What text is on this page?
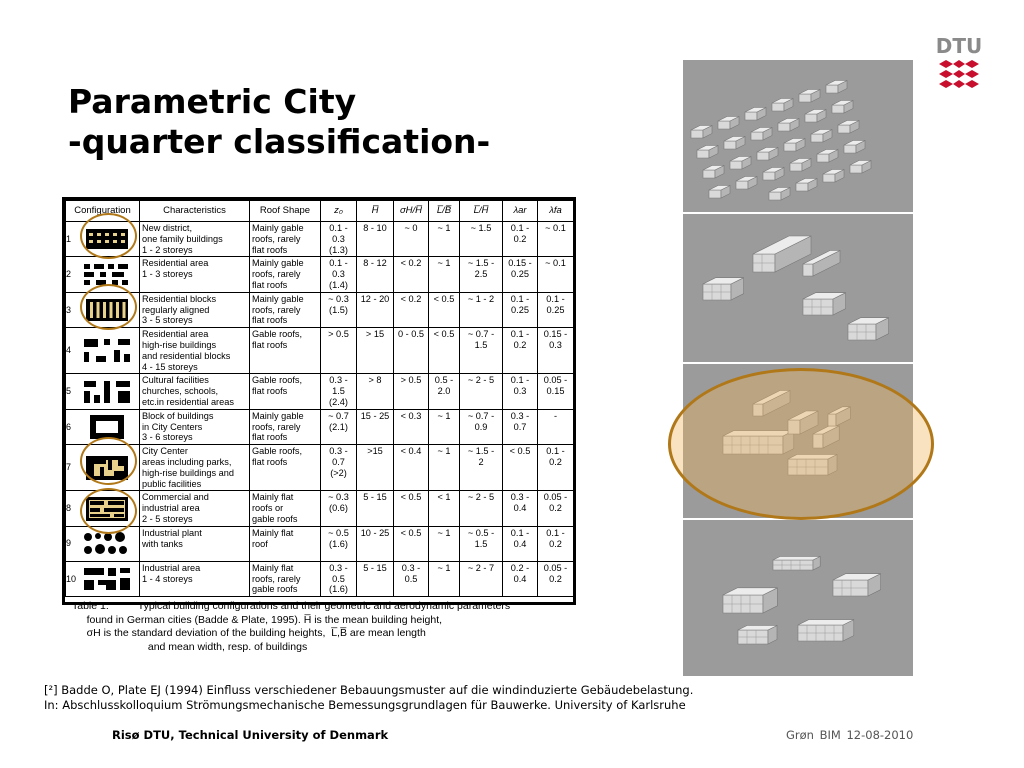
Parametric City
-quarter classification-
DTU
Configuration	Characteristics	Roof Shape	z₀	H̅	σH/H̅	L̅/B̅	L̅/H̅	λar	λfa

1	New district,
one family buildings
1 - 2 storeys	Mainly gable
roofs, rarely
flat roofs	0.1 -
0.3
(1.3)	8 - 10	~ 0	~ 1	~ 1.5	0.1 -
0.2	~ 0.1

2	Residential area
1 - 3 storeys	Mainly gable
roofs, rarely
flat roofs	0.1 -
0.3
(1.4)	8 - 12	< 0.2	~ 1	~ 1.5 -
2.5	0.15 -
0.25	~ 0.1

3	Residential blocks
regularly aligned
3 - 5 storeys	Mainly gable
roofs, rarely
flat roofs	~ 0.3
(1.5)	12 - 20	< 0.2	< 0.5	~ 1 - 2	0.1 -
0.25	0.1 -
0.25

4	Residential area
high-rise buildings
and residential blocks
4 - 15 storeys	Gable roofs,
flat roofs	> 0.5	> 15	0 - 0.5	< 0.5	~ 0.7 -
1.5	0.1 -
0.2	0.15 -
0.3

5	Cultural facilities
churches, schools,
etc.in residential areas	Gable roofs,
flat roofs	0.3 -
1.5
(2.4)	> 8	> 0.5	0.5 -
2.0	~ 2 - 5	0.1 -
0.3	0.05 -
0.15

6	Block of buildings
in City Centers
3 - 6 storeys	Mainly gable
roofs, rarely
flat roofs	~ 0.7
(2.1)	15 - 25	< 0.3	~ 1	~ 0.7 -
0.9	0.3 -
0.7	-

7	City Center
areas including parks,
high-rise buildings and
public facilities	Gable roofs,
flat roofs	0.3 -
0.7
(>2)	>15	< 0.4	~ 1	~ 1.5 -
2	< 0.5	0.1 -
0.2

8	Commercial and
industrial area
2 - 5 storeys	Mainly flat
roofs or
gable roofs	~ 0.3
(0.6)	5 - 15	< 0.5	< 1	~ 2 - 5	0.3 -
0.4	0.05 -
0.2

9	Industrial plant
with tanks	Mainly flat
roof	~ 0.5
(1.6)	10 - 25	< 0.5	~ 1	~ 0.5 -
1.5	0.1 -
0.4	0.1 -
0.2

10	Industrial area
1 - 4 storeys	Mainly flat
roofs, rarely
gable roofs	0.3 -
0.5
(1.6)	5 - 15	0.3 -
0.5	~ 1	~ 2 - 7	0.2 -
0.4	0.05 -
0.2
Table 1:          Typical building configurations and their geometric and aerodynamic parameters
found in German cities (Badde & Plate, 1995). H̅ is the mean building height,
σH is the standard deviation of the building heights,  L̅,B̅ are mean length
and mean width, resp. of buildings
[²] Badde O, Plate EJ (1994) Einfluss verschiedener Bebauungsmuster auf die windinduzierte Gebäudebelastung.
In: Abschlusskolloquium Strömungsmechanische Bemessungsgrundlagen für Bauwerke. University of Karlsruhe
Risø DTU, Technical University of Denmark	Grøn BIM 12-08-2010
